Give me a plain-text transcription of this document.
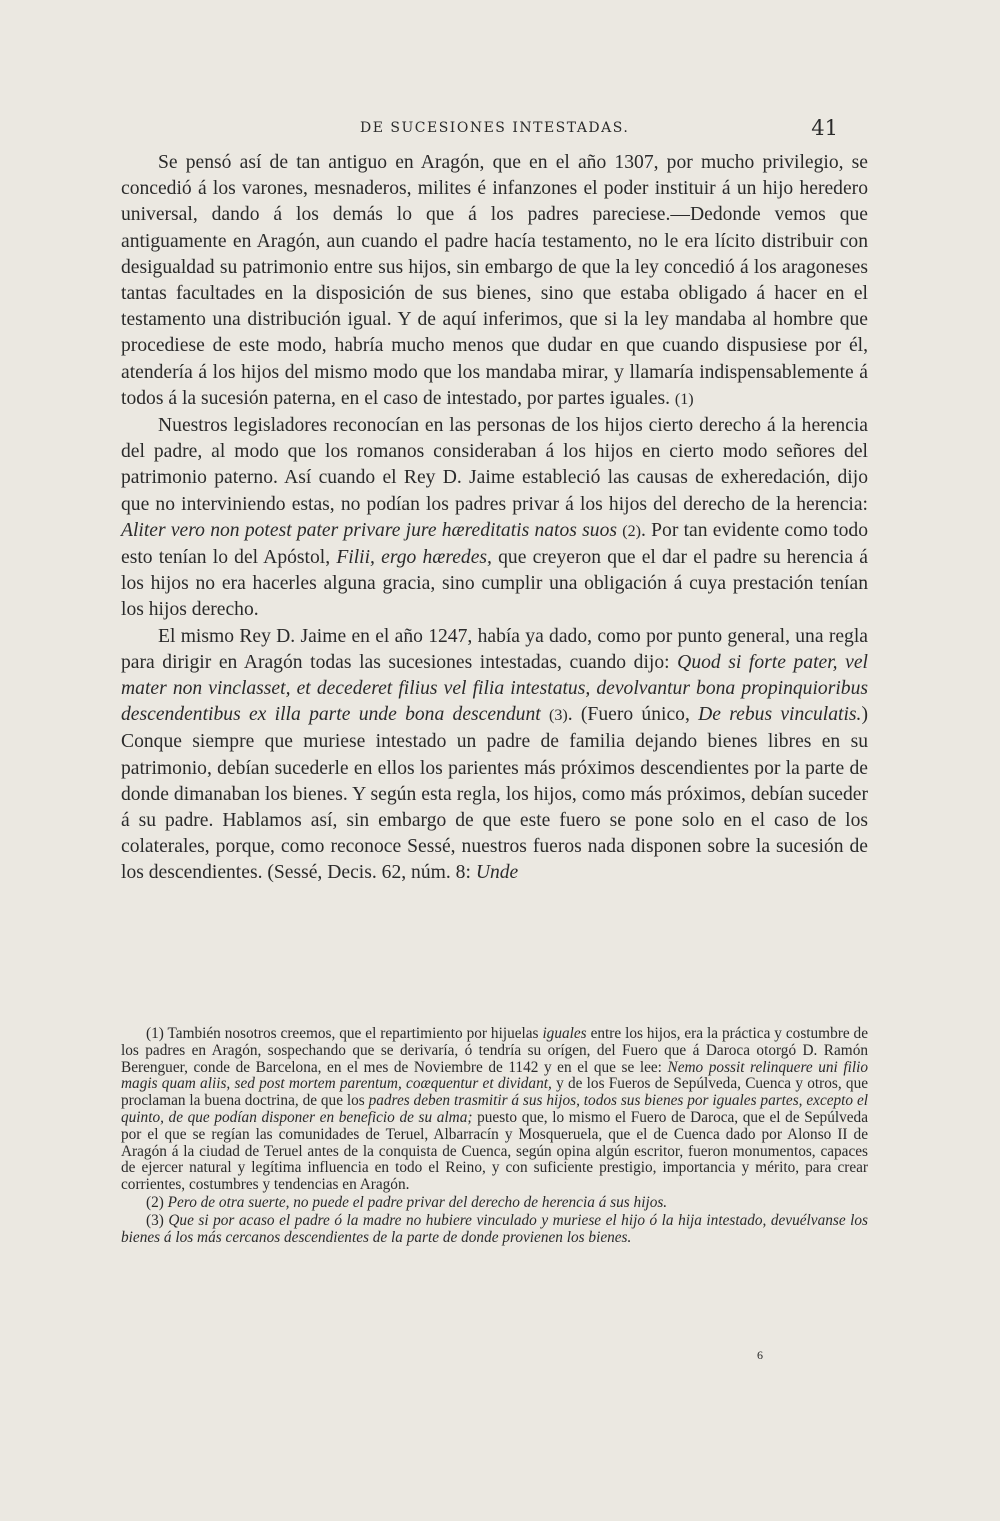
DE SUCESIONES INTESTADAS.	41

Se pensó así de tan antiguo en Aragón, que en el año 1307, por mucho privilegio, se concedió á los varones, mesnaderos, milites é infanzones el poder instituir á un hijo heredero universal, dando á los demás lo que á los padres pareciese.—Dedonde vemos que antiguamente en Aragón, aun cuando el padre hacía testamento, no le era lícito distribuir con desigualdad su patrimonio entre sus hijos, sin embargo de que la ley concedió á los aragoneses tantas facultades en la disposición de sus bienes, sino que estaba obligado á hacer en el testamento una distribución igual. Y de aquí inferimos, que si la ley mandaba al hombre que procediese de este modo, habría mucho menos que dudar en que cuando dispusiese por él, atendería á los hijos del mismo modo que los mandaba mirar, y llamaría indispensablemente á todos á la sucesión paterna, en el caso de intestado, por partes iguales. (1)

Nuestros legisladores reconocían en las personas de los hijos cierto derecho á la herencia del padre, al modo que los romanos consideraban á los hijos en cierto modo señores del patrimonio paterno. Así cuando el Rey D. Jaime estableció las causas de exheredación, dijo que no interviniendo estas, no podían los padres privar á los hijos del derecho de la herencia: Aliter vero non potest pater privare jure hæreditatis natos suos (2). Por tan evidente como todo esto tenían lo del Apóstol, Filii, ergo hæredes, que creyeron que el dar el padre su herencia á los hijos no era hacerles alguna gracia, sino cumplir una obligación á cuya prestación tenían los hijos derecho.

El mismo Rey D. Jaime en el año 1247, había ya dado, como por punto general, una regla para dirigir en Aragón todas las sucesiones intestadas, cuando dijo: Quod si forte pater, vel mater non vinclasset, et decederet filius vel filia intestatus, devolvantur bona propinquioribus descendentibus ex illa parte unde bona descendunt (3). (Fuero único, De rebus vinculatis.) Conque siempre que muriese intestado un padre de familia dejando bienes libres en su patrimonio, debían sucederle en ellos los parientes más próximos descendientes por la parte de donde dimanaban los bienes. Y según esta regla, los hijos, como más próximos, debían suceder á su padre. Hablamos así, sin embargo de que este fuero se pone solo en el caso de los colaterales, porque, como reconoce Sessé, nuestros fueros nada disponen sobre la sucesión de los descendientes. (Sessé, Decis. 62, núm. 8: Unde

(1) También nosotros creemos, que el repartimiento por hijuelas iguales entre los hijos, era la práctica y costumbre de los padres en Aragón, sospechando que se derivaría, ó tendría su orígen, del Fuero que á Daroca otorgó D. Ramón Berenguer, conde de Barcelona, en el mes de Noviembre de 1142 y en el que se lee: Nemo possit relinquere uni filio magis quam aliis, sed post mortem parentum, coæquentur et dividant, y de los Fueros de Sepúlveda, Cuenca y otros, que proclaman la buena doctrina, de que los padres deben trasmitir á sus hijos, todos sus bienes por iguales partes, excepto el quinto, de que podían disponer en beneficio de su alma; puesto que, lo mismo el Fuero de Daroca, que el de Sepúlveda por el que se regían las comunidades de Teruel, Albarracín y Mosqueruela, que el de Cuenca dado por Alonso II de Aragón á la ciudad de Teruel antes de la conquista de Cuenca, según opina algún escritor, fueron monumentos, capaces de ejercer natural y legítima influencia en todo el Reino, y con suficiente prestigio, importancia y mérito, para crear corrientes, costumbres y tendencias en Aragón.

(2) Pero de otra suerte, no puede el padre privar del derecho de herencia á sus hijos.

(3) Que si por acaso el padre ó la madre no hubiere vinculado y muriese el hijo ó la hija intestado, devuélvanse los bienes á los más cercanos descendientes de la parte de donde provienen los bienes.

6
